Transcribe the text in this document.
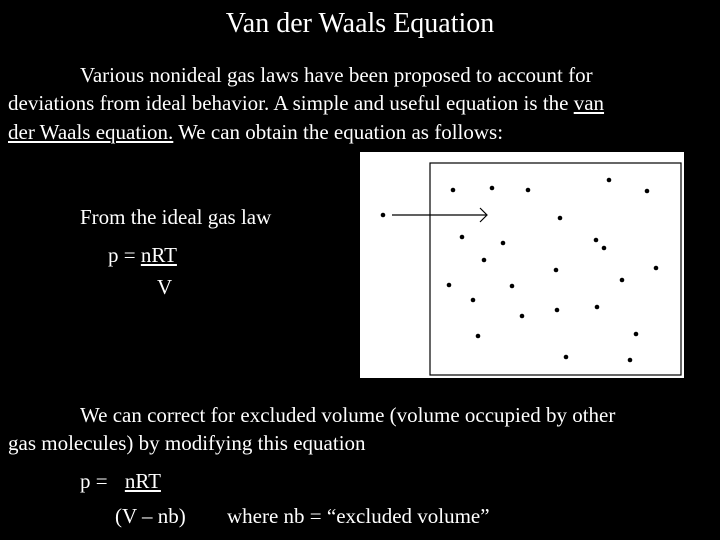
Van der Waals Equation
Various nonideal gas laws have been proposed to account for
deviations from ideal behavior. A simple and useful equation is the van
der Waals equation. We can obtain the equation as follows:
From the ideal gas law
p = nRT
V
We can correct for excluded volume (volume occupied by other
gas molecules) by modifying this equation
p = nRT
(V – nb) where nb = “excluded volume”
